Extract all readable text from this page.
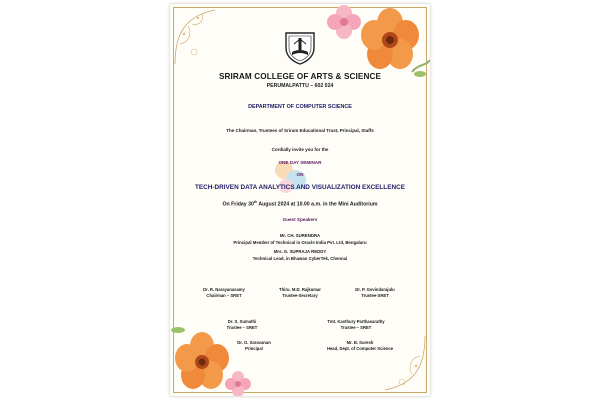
SRIRAM COLLEGE OF ARTS & SCIENCE
PERUMALPATTU – 602 024
DEPARTMENT OF COMPUTER SCIENCE
The Chairman, Trustees of Sriram Educational Trust, Principal, Staffs
Cordially invite you for the
ONE DAY SEMINAR
ON
TECH-DRIVEN DATA ANALYTICS AND VISUALIZATION EXCELLENCE
On Friday 30th August 2024 at 10.00 a.m. in the Mini Auditorium
Guest Speakers
Mr. CH. SURENDRA
Principal Member of Technical in Oracle India Pvt. Ltd, Bengaluru
Mrs. G. SUPRAJA REDDY
Technical Lead, in Bhawan CyberTek, Chennai
Dr. R. Narayanasamy
Chairman – SRET
Thiru. M.D. Rajkumar
Trustee-Secretary
Dr. P. Govindarajulu
Trustee-SRET
Dr. S. Sumathi
Trustee – SRET
Tmt. Kasthury Parthasarathy
Trustee – SRET
Dr. O. Saravanan
Principal
Mr. B. Suresh
Head, Dept. of Computer Science
